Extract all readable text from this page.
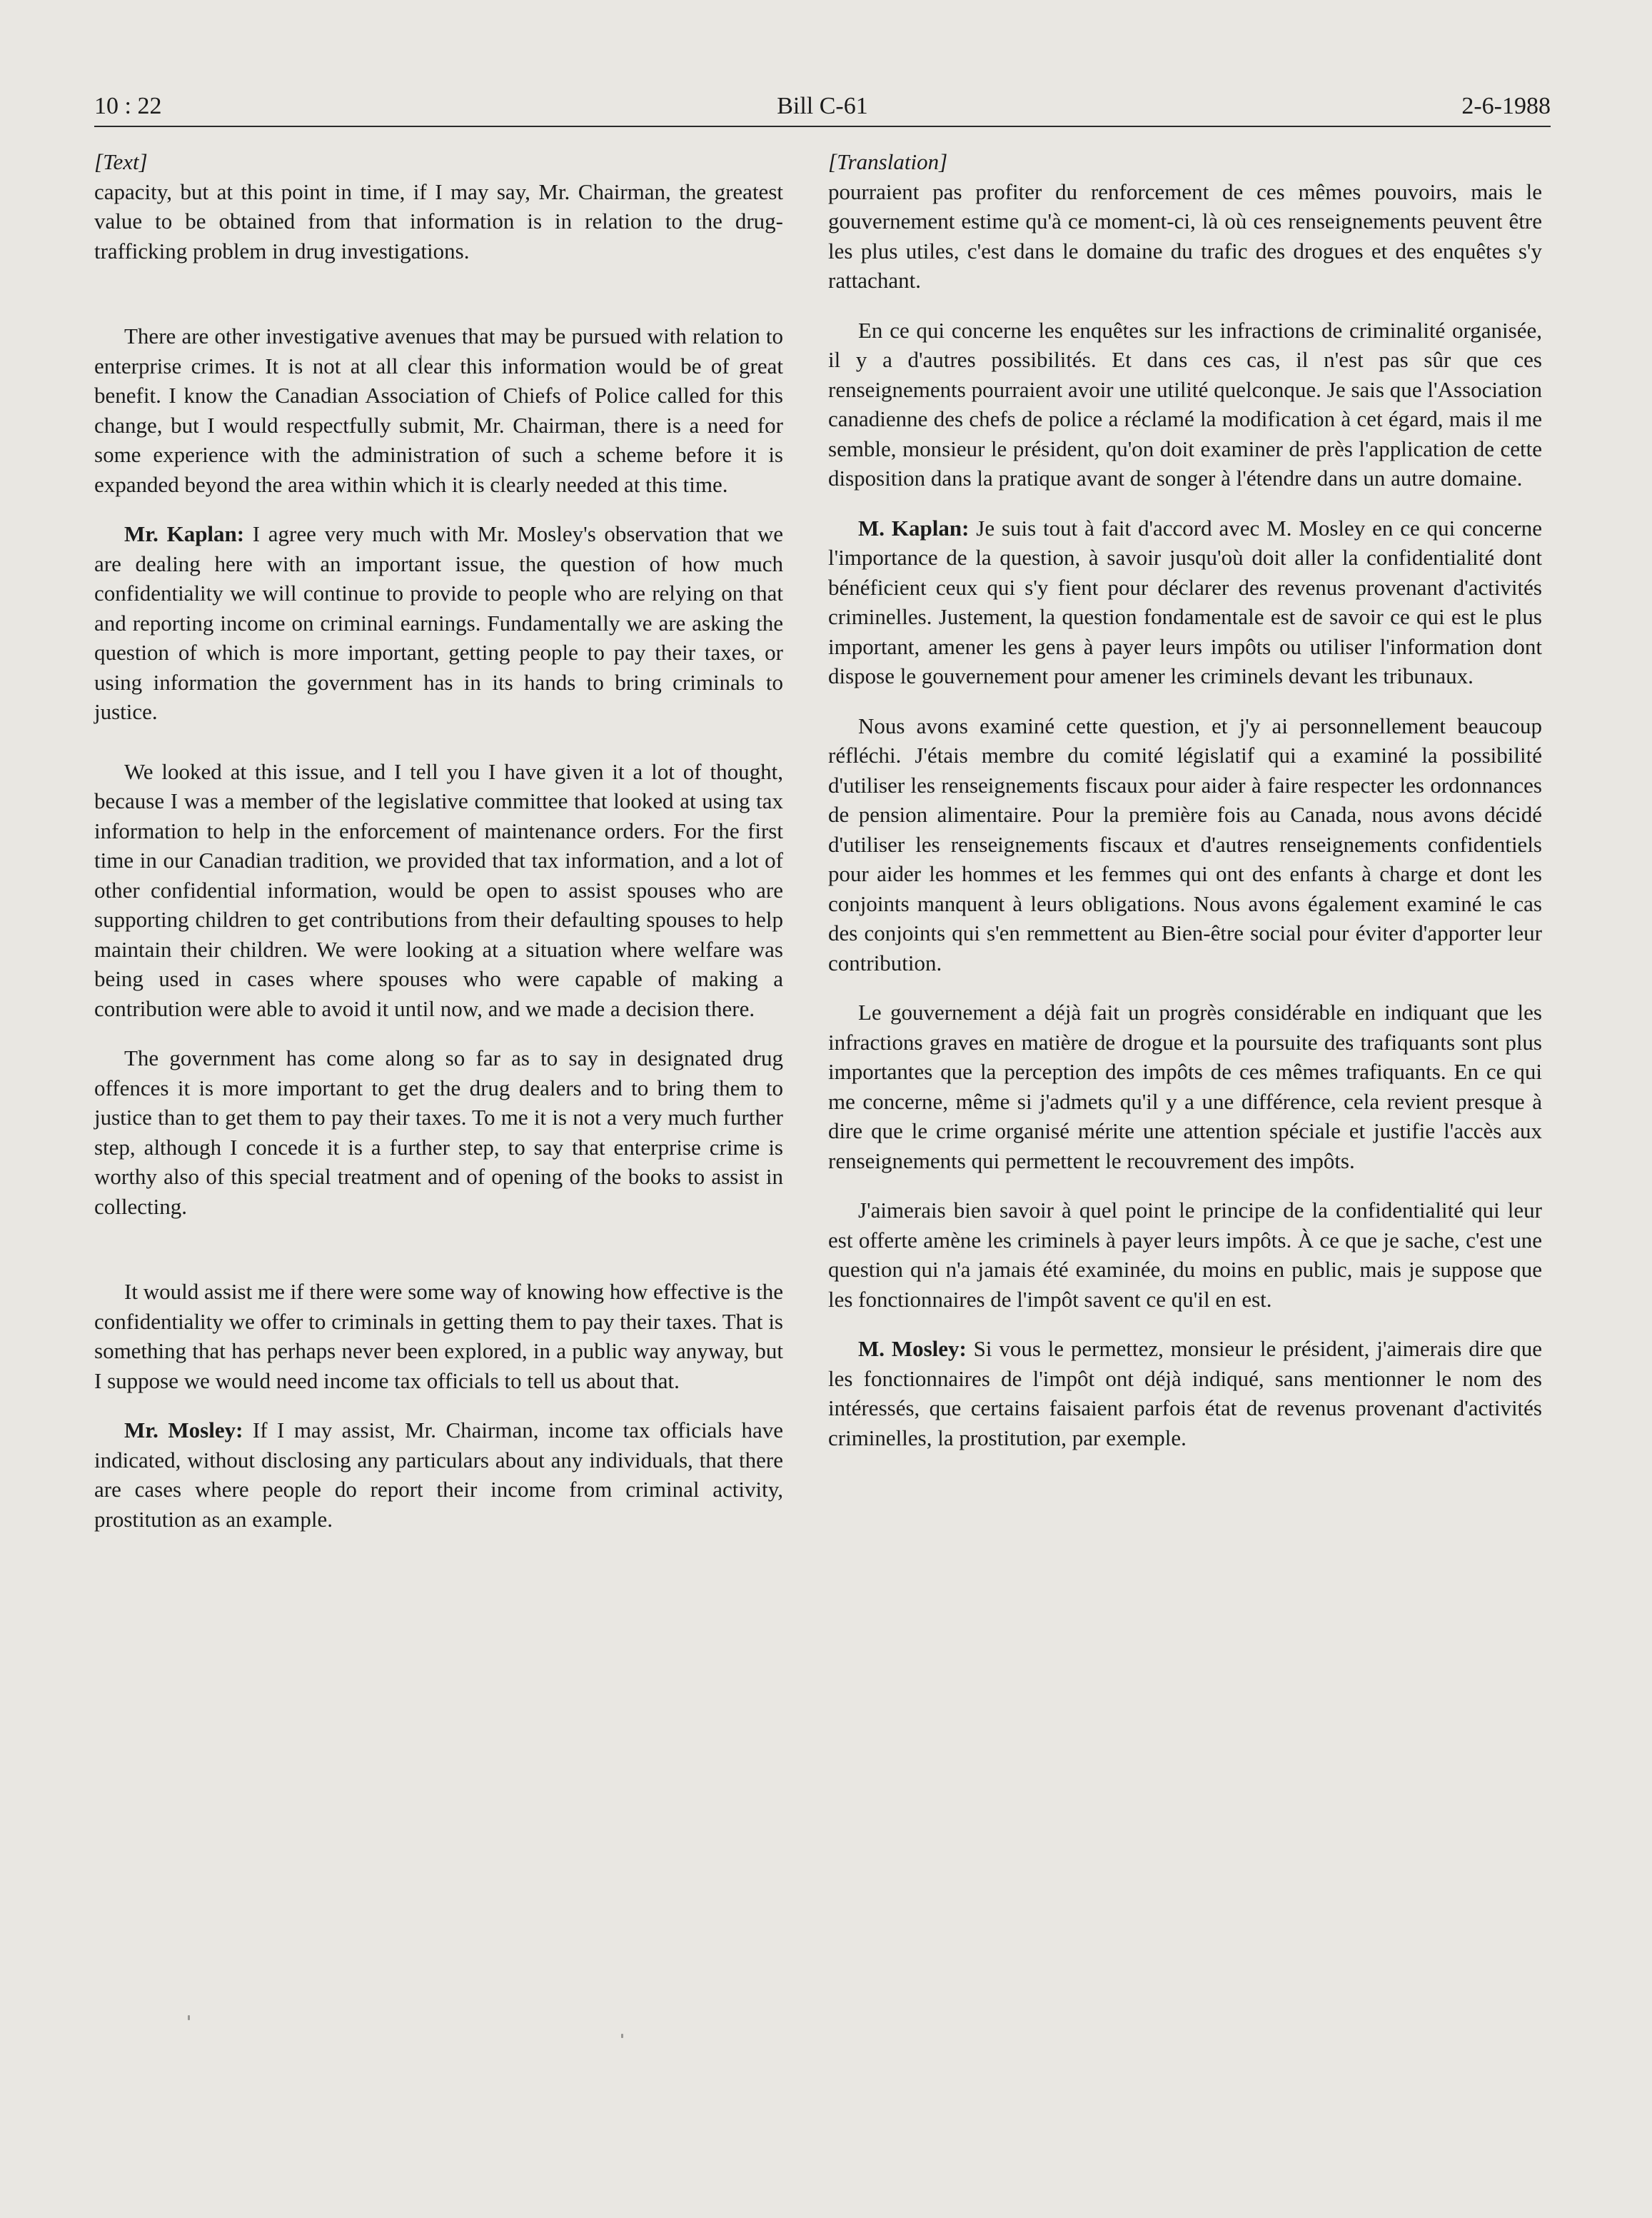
10 : 22	Bill C-61	2-6-1988
[Text]

capacity, but at this point in time, if I may say, Mr. Chairman, the greatest value to be obtained from that information is in relation to the drug-trafficking problem in drug investigations.

There are other investigative avenues that may be pursued with relation to enterprise crimes. It is not at all clear this information would be of great benefit. I know the Canadian Association of Chiefs of Police called for this change, but I would respectfully submit, Mr. Chairman, there is a need for some experience with the administration of such a scheme before it is expanded beyond the area within which it is clearly needed at this time.

Mr. Kaplan: I agree very much with Mr. Mosley's observation that we are dealing here with an important issue, the question of how much confidentiality we will continue to provide to people who are relying on that and reporting income on criminal earnings. Fundamentally we are asking the question of which is more important, getting people to pay their taxes, or using information the government has in its hands to bring criminals to justice.

We looked at this issue, and I tell you I have given it a lot of thought, because I was a member of the legislative committee that looked at using tax information to help in the enforcement of maintenance orders. For the first time in our Canadian tradition, we provided that tax information, and a lot of other confidential information, would be open to assist spouses who are supporting children to get contributions from their defaulting spouses to help maintain their children. We were looking at a situation where welfare was being used in cases where spouses who were capable of making a contribution were able to avoid it until now, and we made a decision there.

The government has come along so far as to say in designated drug offences it is more important to get the drug dealers and to bring them to justice than to get them to pay their taxes. To me it is not a very much further step, although I concede it is a further step, to say that enterprise crime is worthy also of this special treatment and of opening of the books to assist in collecting.

It would assist me if there were some way of knowing how effective is the confidentiality we offer to criminals in getting them to pay their taxes. That is something that has perhaps never been explored, in a public way anyway, but I suppose we would need income tax officials to tell us about that.

Mr. Mosley: If I may assist, Mr. Chairman, income tax officials have indicated, without disclosing any particulars about any individuals, that there are cases where people do report their income from criminal activity, prostitution as an example.

[Translation]

pourraient pas profiter du renforcement de ces mêmes pouvoirs, mais le gouvernement estime qu'à ce moment-ci, là où ces renseignements peuvent être les plus utiles, c'est dans le domaine du trafic des drogues et des enquêtes s'y rattachant.

En ce qui concerne les enquêtes sur les infractions de criminalité organisée, il y a d'autres possibilités. Et dans ces cas, il n'est pas sûr que ces renseignements pourraient avoir une utilité quelconque. Je sais que l'Association canadienne des chefs de police a réclamé la modification à cet égard, mais il me semble, monsieur le président, qu'on doit examiner de près l'application de cette disposition dans la pratique avant de songer à l'étendre dans un autre domaine.

M. Kaplan: Je suis tout à fait d'accord avec M. Mosley en ce qui concerne l'importance de la question, à savoir jusqu'où doit aller la confidentialité dont bénéficient ceux qui s'y fient pour déclarer des revenus provenant d'activités criminelles. Justement, la question fondamentale est de savoir ce qui est le plus important, amener les gens à payer leurs impôts ou utiliser l'information dont dispose le gouvernement pour amener les criminels devant les tribunaux.

Nous avons examiné cette question, et j'y ai personnellement beaucoup réfléchi. J'étais membre du comité législatif qui a examiné la possibilité d'utiliser les renseignements fiscaux pour aider à faire respecter les ordonnances de pension alimentaire. Pour la première fois au Canada, nous avons décidé d'utiliser les renseignements fiscaux et d'autres renseignements confidentiels pour aider les hommes et les femmes qui ont des enfants à charge et dont les conjoints manquent à leurs obligations. Nous avons également examiné le cas des conjoints qui s'en remmettent au Bien-être social pour éviter d'apporter leur contribution.

Le gouvernement a déjà fait un progrès considérable en indiquant que les infractions graves en matière de drogue et la poursuite des trafiquants sont plus importantes que la perception des impôts de ces mêmes trafiquants. En ce qui me concerne, même si j'admets qu'il y a une différence, cela revient presque à dire que le crime organisé mérite une attention spéciale et justifie l'accès aux renseignements qui permettent le recouvrement des impôts.

J'aimerais bien savoir à quel point le principe de la confidentialité qui leur est offerte amène les criminels à payer leurs impôts. À ce que je sache, c'est une question qui n'a jamais été examinée, du moins en public, mais je suppose que les fonctionnaires de l'impôt savent ce qu'il en est.

M. Mosley: Si vous le permettez, monsieur le président, j'aimerais dire que les fonctionnaires de l'impôt ont déjà indiqué, sans mentionner le nom des intéressés, que certains faisaient parfois état de revenus provenant d'activités criminelles, la prostitution, par exemple.
